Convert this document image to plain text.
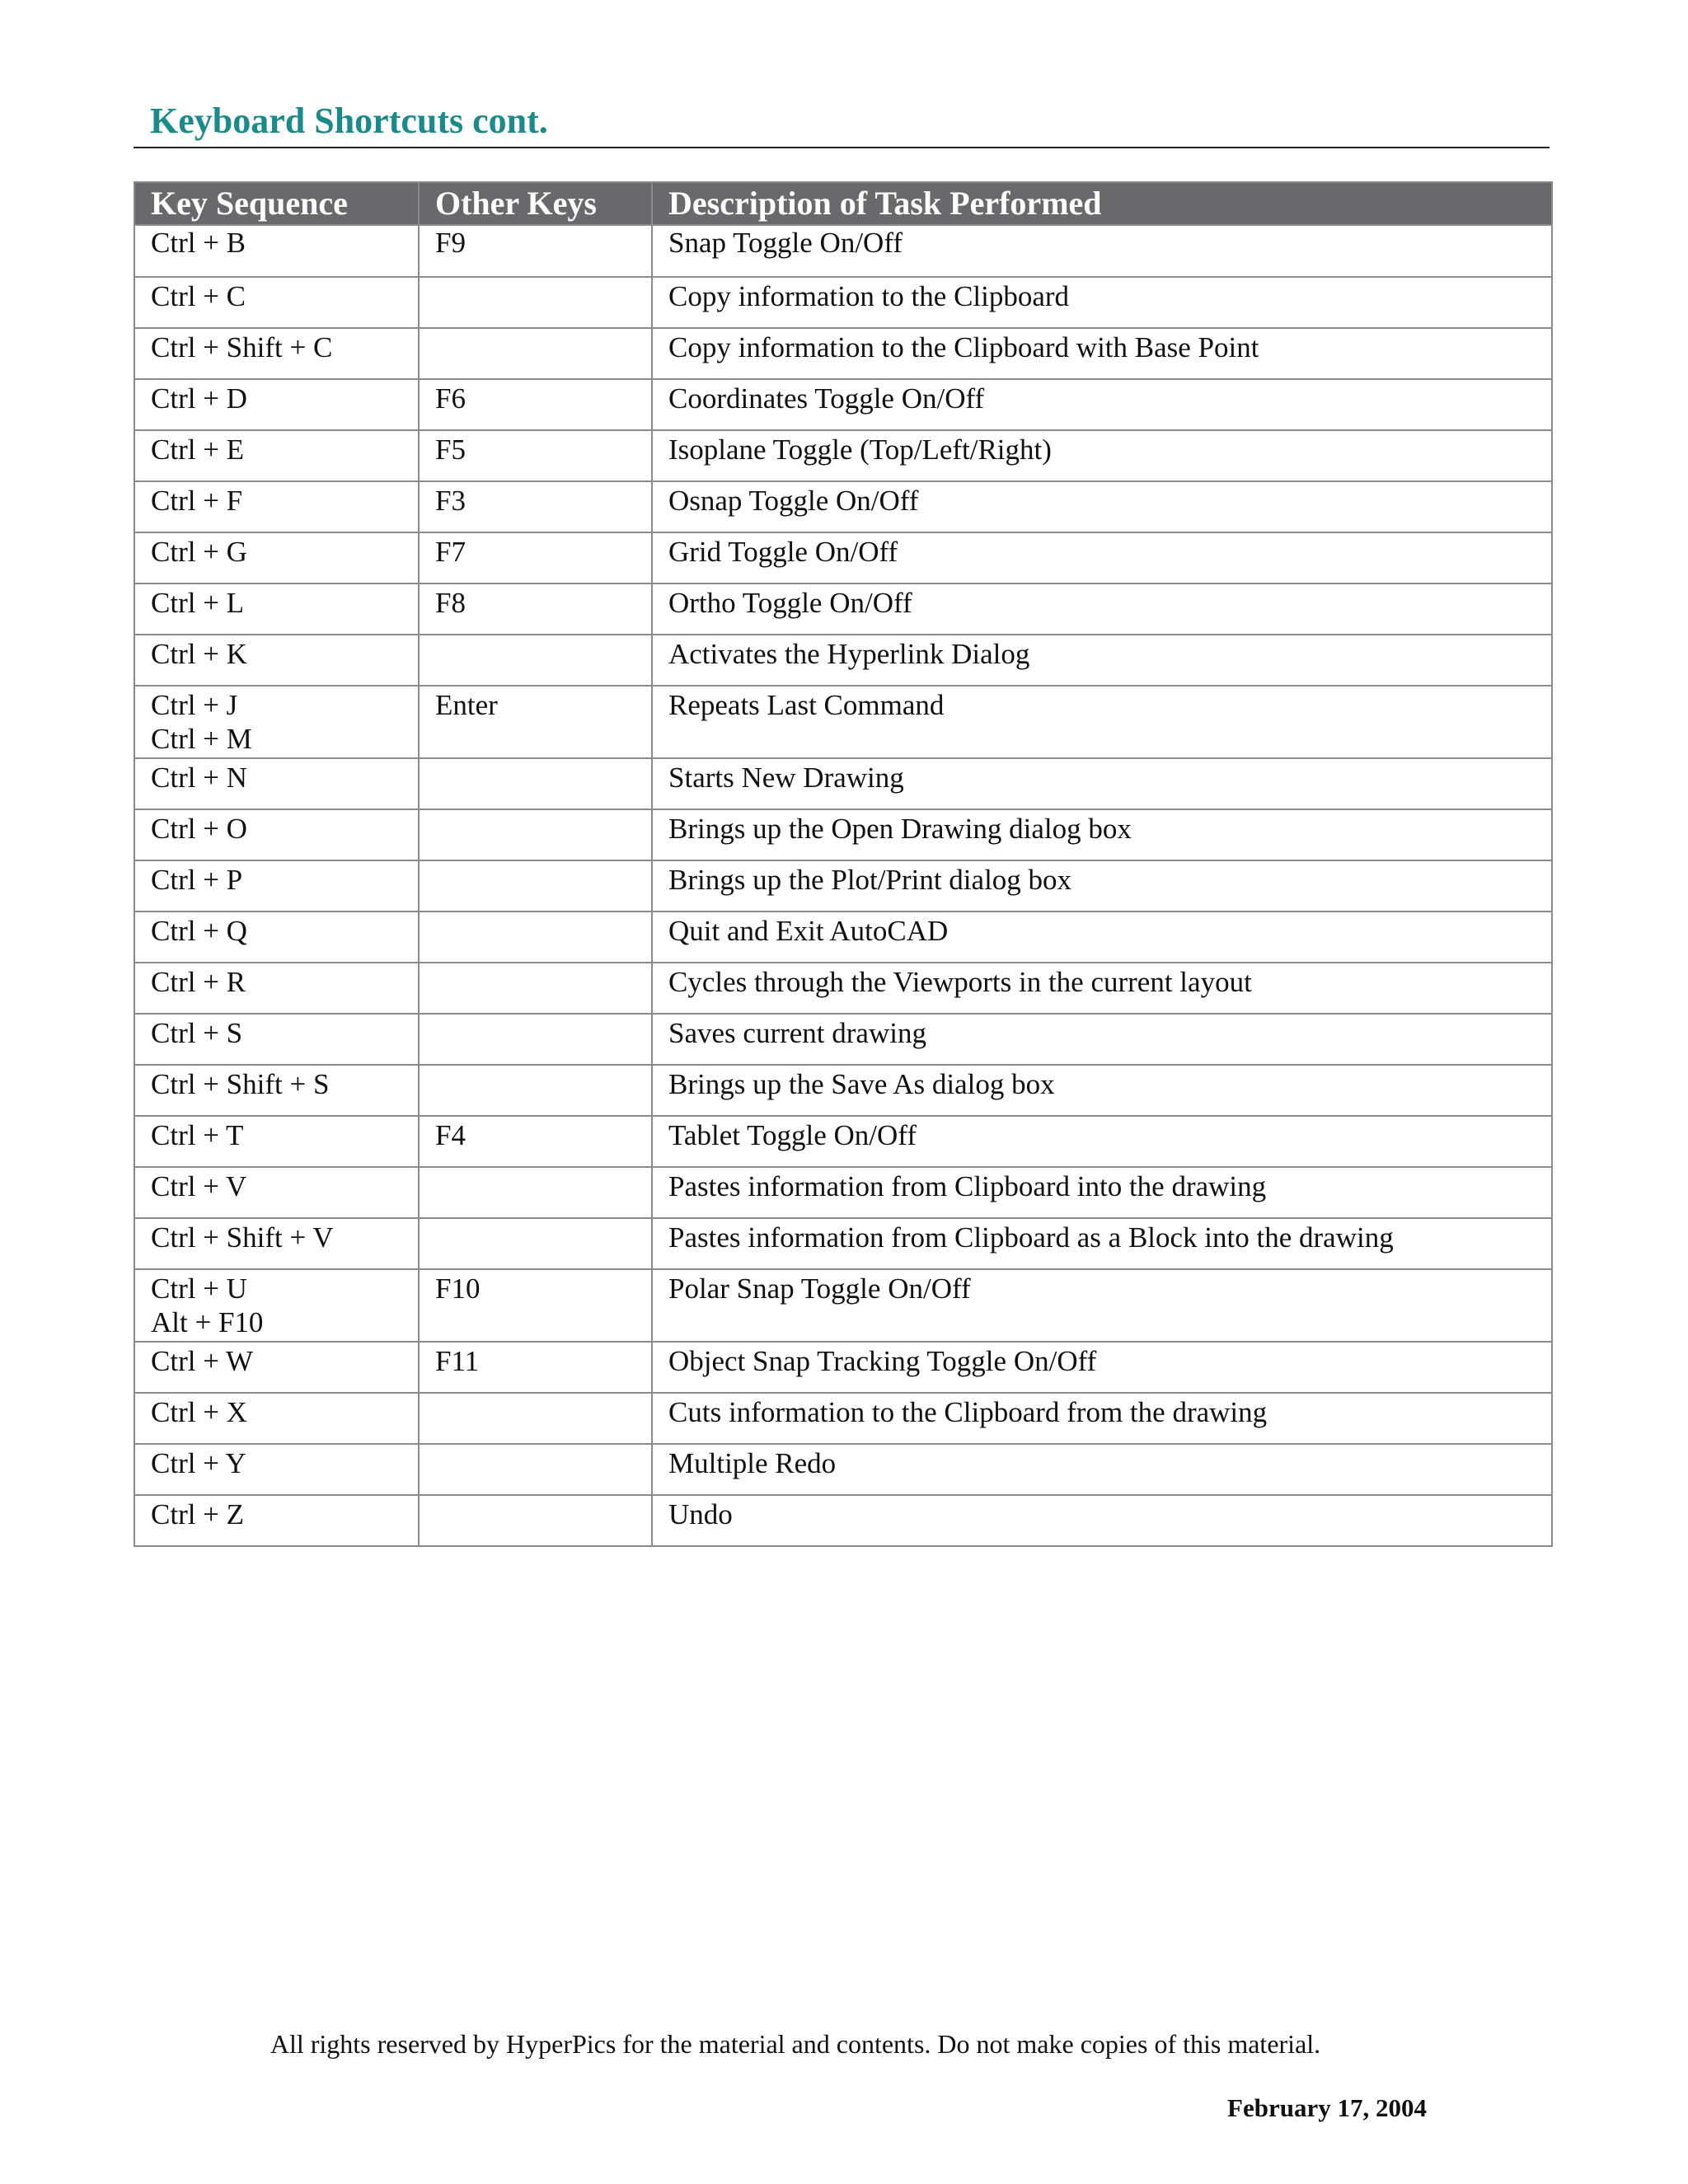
Keyboard Shortcuts cont.
Key Sequence	Other Keys	Description of Task Performed

Ctrl + B	F9	Snap Toggle On/Off

Ctrl + C		Copy information to the Clipboard

Ctrl + Shift + C		Copy information to the Clipboard with Base Point

Ctrl + D	F6	Coordinates Toggle On/Off

Ctrl + E	F5	Isoplane Toggle (Top/Left/Right)

Ctrl + F	F3	Osnap Toggle On/Off

Ctrl + G	F7	Grid Toggle On/Off

Ctrl + L	F8	Ortho Toggle On/Off

Ctrl + K		Activates the Hyperlink Dialog

Ctrl + J
Ctrl + M	Enter	Repeats Last Command

Ctrl + N		Starts New Drawing

Ctrl + O		Brings up the Open Drawing dialog box

Ctrl + P		Brings up the Plot/Print dialog box

Ctrl + Q		Quit and Exit AutoCAD

Ctrl + R		Cycles through the Viewports in the current layout

Ctrl + S		Saves current drawing

Ctrl + Shift + S		Brings up the Save As dialog box

Ctrl + T	F4	Tablet Toggle On/Off

Ctrl + V		Pastes information from Clipboard into the drawing

Ctrl + Shift + V		Pastes information from Clipboard as a Block into the drawing

Ctrl + U
Alt + F10	F10	Polar Snap Toggle On/Off

Ctrl + W	F11	Object Snap Tracking Toggle On/Off

Ctrl + X		Cuts information to the Clipboard from the drawing

Ctrl + Y		Multiple Redo

Ctrl + Z		Undo
All rights reserved by HyperPics for the material and contents. Do not make copies of this material.
February 17, 2004
